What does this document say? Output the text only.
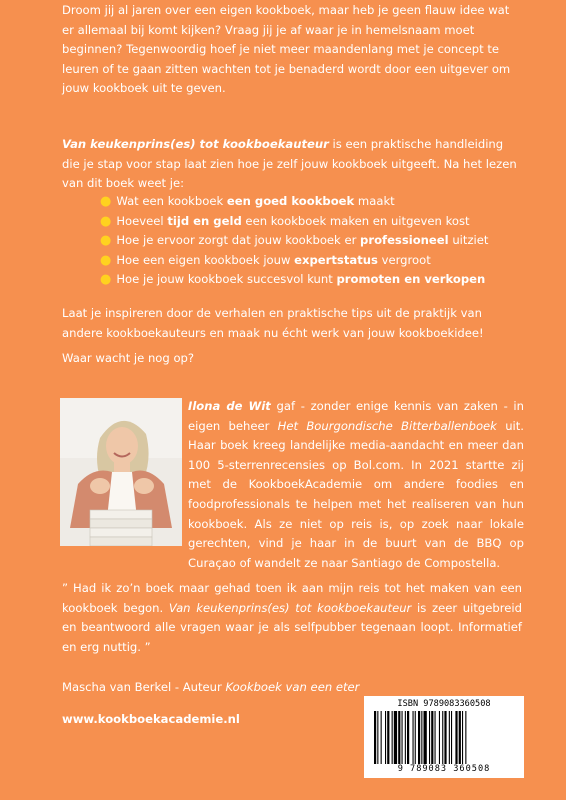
Droom jij al jaren over een eigen kookboek, maar heb je geen flauw idee wat er allemaal bij komt kijken? Vraag jij je af waar je in hemelsnaam moet beginnen? Tegenwoordig hoef je niet meer maandenlang met je concept te leuren of te gaan zitten wachten tot je benaderd wordt door een uitgever om jouw kookboek uit te geven.

Van keukenprins(es) tot kookboekauteur is een praktische handleiding die je stap voor stap laat zien hoe je zelf jouw kookboek uitgeeft. Na het lezen van dit boek weet je:

● Wat een kookboek een goed kookboek maakt
● Hoeveel tijd en geld een kookboek maken en uitgeven kost
● Hoe je ervoor zorgt dat jouw kookboek er professioneel uitziet
● Hoe een eigen kookboek jouw expertstatus vergroot
● Hoe je jouw kookboek succesvol kunt promoten en verkopen

Laat je inspireren door de verhalen en praktische tips uit de praktijk van andere kookboekauteurs en maak nu écht werk van jouw kookboekidee!

Waar wacht je nog op?

Ilona de Wit gaf - zonder enige kennis van zaken - in eigen beheer Het Bourgondische Bitterballenboek uit. Haar boek kreeg landelijke media-aandacht en meer dan 100 5-sterrenrecensies op Bol.com. In 2021 startte zij met de KookboekAcademie om andere foodies en foodprofessionals te helpen met het realiseren van hun kookboek. Als ze niet op reis is, op zoek naar lokale gerechten, vind je haar in de buurt van de BBQ op Curaçao of wandelt ze naar Santiago de Compostella.

” Had ik zo’n boek maar gehad toen ik aan mijn reis tot het maken van een kookboek begon. Van keukenprins(es) tot kookboekauteur is zeer uitgebreid en beantwoord alle vragen waar je als selfpubber tegenaan loopt. Informatief en erg nuttig. ”

Mascha van Berkel - Auteur Kookboek van een eter

www.kookboekacademie.nl

ISBN 9789083360508
9 789083 360508
